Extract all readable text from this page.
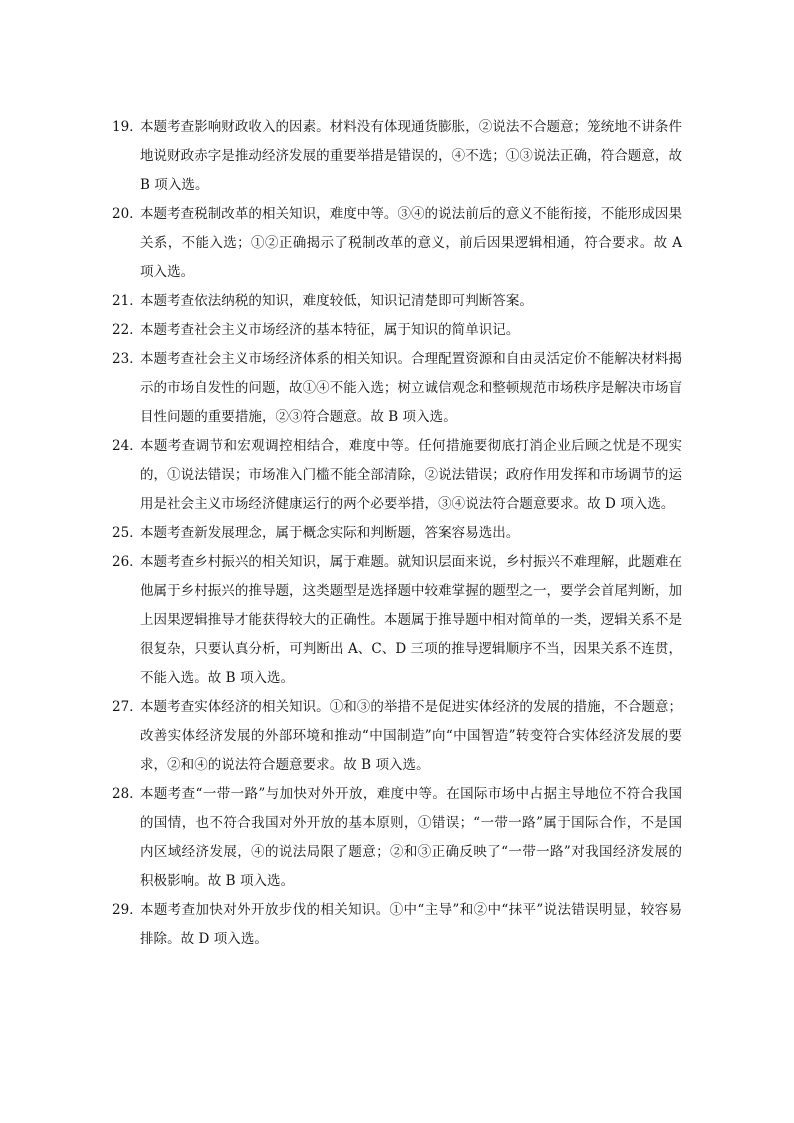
19．
本题考查影响财政收入的因素。材料没有体现通货膨胀，②说法不合题意；笼统地不讲条件地说财政赤字是推动经济发展的重要举措是错误的，④不选；①③说法正确，符合题意，故 B 项入选。
20．
本题考查税制改革的相关知识，难度中等。③④的说法前后的意义不能衔接，不能形成因果关系，不能入选；①②正确揭示了税制改革的意义，前后因果逻辑相通，符合要求。故 A 项入选。
21．
本题考查依法纳税的知识，难度较低，知识记清楚即可判断答案。
22．
本题考查社会主义市场经济的基本特征，属于知识的简单识记。
23．
本题考查社会主义市场经济体系的相关知识。合理配置资源和自由灵活定价不能解决材料揭示的市场自发性的问题，故①④不能入选；树立诚信观念和整顿规范市场秩序是解决市场盲目性问题的重要措施，②③符合题意。故 B 项入选。
24．
本题考查调节和宏观调控相结合，难度中等。任何措施要彻底打消企业后顾之忧是不现实的，①说法错误；市场准入门槛不能全部清除，②说法错误；政府作用发挥和市场调节的运用是社会主义市场经济健康运行的两个必要举措，③④说法符合题意要求。故 D 项入选。
25．
本题考查新发展理念，属于概念实际和判断题，答案容易选出。
26．
本题考查乡村振兴的相关知识，属于难题。就知识层面来说，乡村振兴不难理解，此题难在他属于乡村振兴的推导题，这类题型是选择题中较难掌握的题型之一，要学会首尾判断，加上因果逻辑推导才能获得较大的正确性。本题属于推导题中相对简单的一类，逻辑关系不是很复杂，只要认真分析，可判断出 A、C、D 三项的推导逻辑顺序不当，因果关系不连贯，不能入选。故 B 项入选。
27．
本题考查实体经济的相关知识。①和③的举措不是促进实体经济的发展的措施，不合题意；改善实体经济发展的外部环境和推动“中国制造”向“中国智造”转变符合实体经济发展的要求，②和④的说法符合题意要求。故 B 项入选。
28．
本题考查“一带一路”与加快对外开放，难度中等。在国际市场中占据主导地位不符合我国的国情，也不符合我国对外开放的基本原则，①错误；“一带一路”属于国际合作，不是国内区域经济发展，④的说法局限了题意；②和③正确反映了“一带一路”对我国经济发展的积极影响。故 B 项入选。
29．
本题考查加快对外开放步伐的相关知识。①中“主导”和②中“抹平”说法错误明显，较容易排除。故 D 项入选。
